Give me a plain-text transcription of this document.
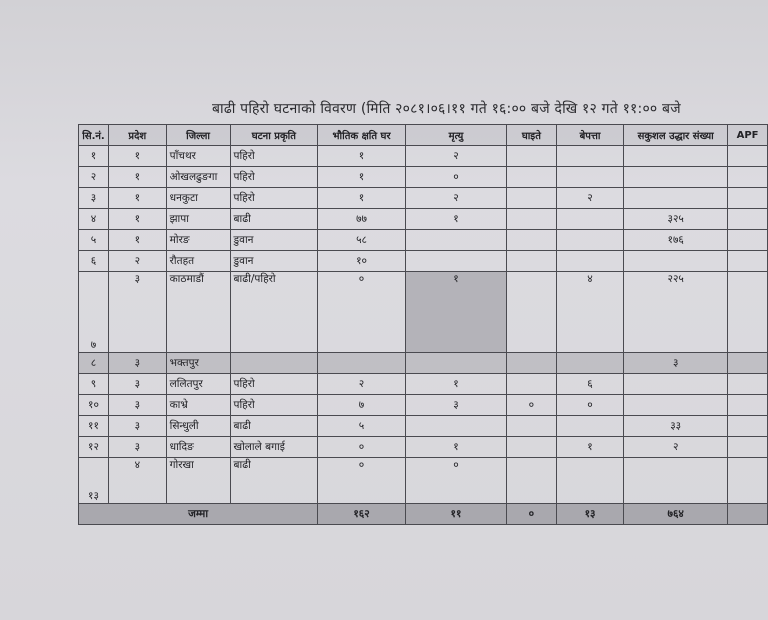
बाढी पहिरो घटनाको विवरण (मिति २०८१।०६।११ गते १६:०० बजे देखि १२ गते ११:०० बजे
सि.नं.	प्रदेश	जिल्ला	घटना प्रकृति	भौतिक क्षति घर	मृत्यु	घाइते	बेपत्ता	सकुशल उद्धार संख्या	APF
१	१	पाँचथर	पहिरो	१	२				
२	१	ओखलढुङगा	पहिरो	१	०				
३	१	धनकुटा	पहिरो	१	२		२		
४	१	झापा	बाढी	७७	१			३२५	
५	१	मोरङ	डुवान	५८				१७६	
६	२	रौतहत	डुवान	१०					
७	३	काठमाडौं	बाढी/पहिरो	०	१		४	२२५	
८	३	भक्तपुर						३	
९	३	ललितपुर	पहिरो	२	१		६		
१०	३	काभ्रे	पहिरो	७	३	०	०		
११	३	सिन्धुली	बाढी	५				३३	
१२	३	धादिङ	खोलाले बगाई	०	१		१	२	
१३	४	गोरखा	बाढी	०	०				
जम्मा				१६२	११	०	१३	७६४	
